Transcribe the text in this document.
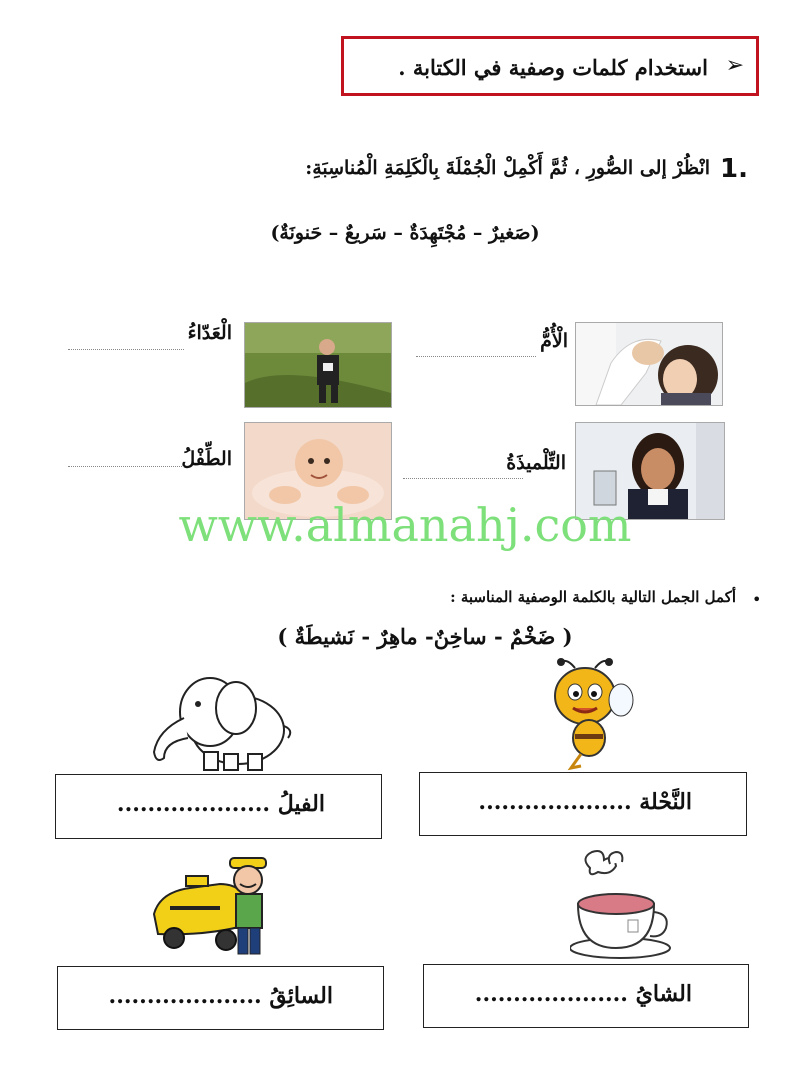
➢
استخدام كلمات وصفية في الكتابة .
1.
انْظُرْ إلى الصُّورِ ، ثُمَّ أَكْمِلْ الْجُمْلَةَ بِالْكَلِمَةِ الْمُناسِبَةِ:
(صَغيرٌ – مُجْتَهِدَةٌ – سَريعٌ – حَنونَةٌ)
الْأُمُّ
الْعَدّاءُ
التِّلْميذَةُ
الطِّفْلُ
www.almanahj.com
•
أكمل الجمل التالية بالكلمة الوصفية المناسبة :
( ضَخْمٌ - ساخِنٌ- ماهِرٌ - نَشيطَةٌ )
النَّحْلة ....................
الفيلُ ....................
الشايُ ....................
السائِقُ ....................
